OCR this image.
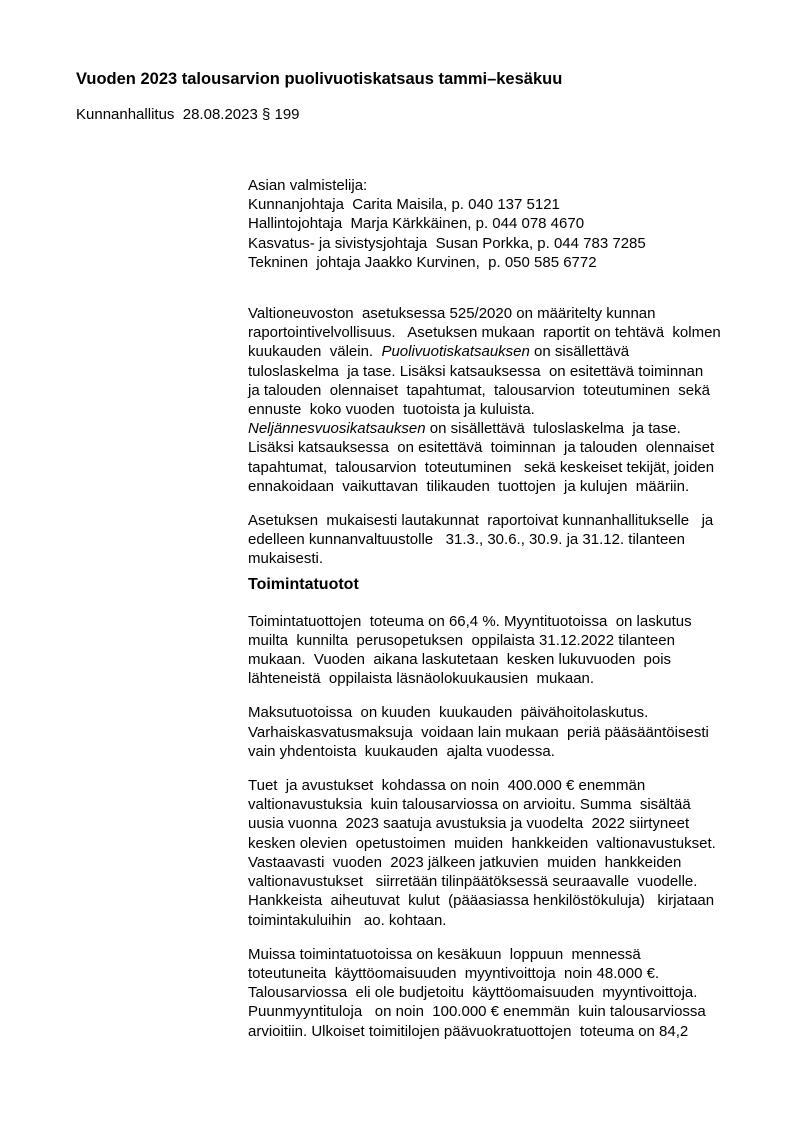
Vuoden 2023 talousarvion puolivuotiskatsaus tammi–kesäkuu
Kunnanhallitus  28.08.2023 § 199
Asian valmistelija:
Kunnanjohtaja  Carita Maisila, p. 040 137 5121
Hallintojohtaja  Marja Kärkkäinen, p. 044 078 4670
Kasvatus- ja sivistysjohtaja  Susan Porkka, p. 044 783 7285
Tekninen  johtaja Jaakko Kurvinen,  p. 050 585 6772
Valtioneuvoston  asetuksessa 525/2020 on määritelty kunnan
raportointivelvollisuus.   Asetuksen mukaan  raportit on tehtävä  kolmen
kuukauden  välein.  Puolivuotiskatsauksen on sisällettävä
tuloslaskelma  ja tase. Lisäksi katsauksessa  on esitettävä toiminnan
ja talouden  olennaiset  tapahtumat,  talousarvion  toteutuminen  sekä
ennuste  koko vuoden  tuotoista ja kuluista.
Neljännesvuosikatsauksen on sisällettävä  tuloslaskelma  ja tase.
Lisäksi katsauksessa  on esitettävä  toiminnan  ja talouden  olennaiset
tapahtumat,  talousarvion  toteutuminen   sekä keskeiset tekijät, joiden
ennakoidaan  vaikuttavan  tilikauden  tuottojen  ja kulujen  määriin.
Asetuksen  mukaisesti lautakunnat  raportoivat kunnanhallitukselle   ja
edelleen kunnanvaltuustolle   31.3., 30.6., 30.9. ja 31.12. tilanteen
mukaisesti.
Toimintatuotot
Toimintatuottojen  toteuma on 66,4 %. Myyntituotoissa  on laskutus
muilta  kunnilta  perusopetuksen  oppilaista 31.12.2022 tilanteen
mukaan.  Vuoden  aikana laskutetaan  kesken lukuvuoden  pois
lähteneistä  oppilaista läsnäolokuukausien  mukaan.
Maksutuotoissa  on kuuden  kuukauden  päivähoitolaskutus.
Varhaiskasvatusmaksuja  voidaan lain mukaan  periä pääsääntöisesti
vain yhdentoista  kuukauden  ajalta vuodessa.
Tuet  ja avustukset  kohdassa on noin  400.000 € enemmän
valtionavustuksia  kuin talousarviossa on arvioitu. Summa  sisältää
uusia vuonna  2023 saatuja avustuksia ja vuodelta  2022 siirtyneet
kesken olevien  opetustoimen  muiden  hankkeiden  valtionavustukset.
Vastaavasti  vuoden  2023 jälkeen jatkuvien  muiden  hankkeiden
valtionavustukset   siirretään tilinpäätöksessä seuraavalle  vuodelle.
Hankkeista  aiheutuvat  kulut  (pääasiassa henkilöstökuluja)   kirjataan
toimintakuluihin   ao. kohtaan.
Muissa toimintatuotoissa on kesäkuun  loppuun  mennessä
toteutuneita  käyttöomaisuuden  myyntivoittoja  noin 48.000 €.
Talousarviossa  eli ole budjetoitu  käyttöomaisuuden  myyntivoittoja.
Puunmyyntituloja   on noin  100.000 € enemmän  kuin talousarviossa
arvioitiin. Ulkoiset toimitilojen päävuokratuottojen  toteuma on 84,2
